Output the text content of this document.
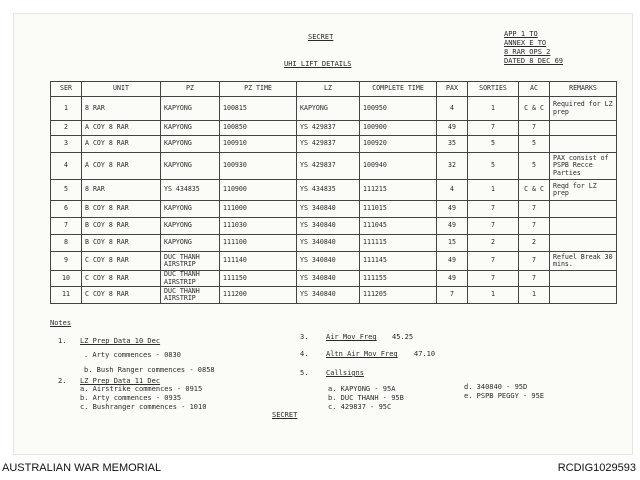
SECRET
UHI LIFT DETAILS
APP 1 TO
ANNEX E TO
8 RAR OPS 2
DATED 8 DEC 69
SER	UNIT	PZ	PZ TIME	LZ	COMPLETE TIME	PAX	SORTIES	AC	REMARKS
1	8 RAR	KAPYONG	100815	KAPYONG	100950	4	1	C & C	Required for LZ prep
2	A COY 8 RAR	KAPYONG	100850	YS 429837	100900	49	7	7	
3	A COY 8 RAR	KAPYONG	100910	YS 429837	100920	35	5	5	
4	A COY 8 RAR	KAPYONG	100930	YS 429837	100940	32	5	5	PAX consist of PSPB Recce Parties
5	8 RAR	YS 434835	110900	YS 434835	111215	4	1	C & C	Reqd for LZ prep
6	B COY 8 RAR	KAPYONG	111000	YS 340840	111015	49	7	7	
7	B COY 8 RAR	KAPYONG	111030	YS 340840	111045	49	7	7	
8	B COY 8 RAR	KAPYONG	111100	YS 340840	111115	15	2	2	
9	C COY 8 RAR	DUC THANH AIRSTRIP	111140	YS 340840	111145	49	7	7	Refuel Break 30 mins.
10	C COY 8 RAR	DUC THANH AIRSTRIP	111150	YS 340840	111155	49	7	7	
11	C COY 8 RAR	DUC THANH AIRSTRIP	111200	YS 340840	111205	7	1	1	
Notes
1. LZ Prep Data 10 Dec
. Arty commences - 0830
b. Bush Ranger commences - 0858
2. LZ Prep Data 11 Dec
a. Airstrike commences - 0915
b. Arty commences - 0935
c. Bushranger commences - 1010
3.	Air Mov Freq 45.25
4.	Altn Air Mov Freq 47.10
5.	Callsigns
a. KAPYONG - 95A
b. DUC THANH - 95B
c. 429837 - 95C
d. 340840 - 95D
e. PSPB PEGGY - 95E
SECRET
AUSTRALIAN WAR MEMORIAL	RCDIG1029593
